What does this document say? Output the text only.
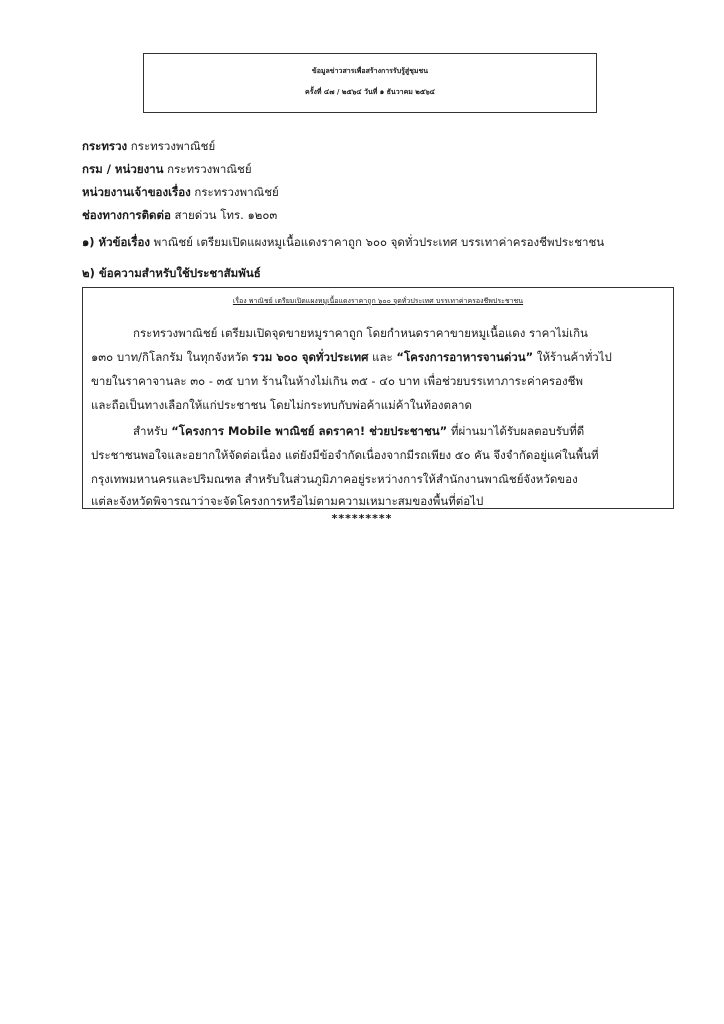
ข้อมูลข่าวสารเพื่อสร้างการรับรู้สู่ชุมชน
ครั้งที่ ๔๗ / ๒๕๖๔ วันที่ ๑ ธันวาคม ๒๕๖๔
กระทรวง กระทรวงพาณิชย์
กรม / หน่วยงาน กระทรวงพาณิชย์
หน่วยงานเจ้าของเรื่อง กระทรวงพาณิชย์
ช่องทางการติดต่อ สายด่วน โทร. ๑๒๐๓
๑) หัวข้อเรื่อง พาณิชย์ เตรียมเปิดแผงหมูเนื้อแดงราคาถูก ๖๐๐ จุดทั่วประเทศ บรรเทาค่าครองชีพประชาชน
๒) ข้อความสำหรับใช้ประชาสัมพันธ์
เรื่อง พาณิชย์ เตรียมเปิดแผงหมูเนื้อแดงราคาถูก ๖๐๐ จุดทั่วประเทศ บรรเทาค่าครองชีพประชาชน
กระทรวงพาณิชย์ เตรียมเปิดจุดขายหมูราคาถูก โดยกำหนดราคาขายหมูเนื้อแดง ราคาไม่เกิน
๑๓๐ บาท/กิโลกรัม ในทุกจังหวัด รวม ๖๐๐ จุดทั่วประเทศ และ “โครงการอาหารจานด่วน” ให้ร้านค้าทั่วไป
ขายในราคาจานละ ๓๐ - ๓๕ บาท ร้านในห้างไม่เกิน ๓๕ - ๔๐ บาท เพื่อช่วยบรรเทาภาระค่าครองชีพ
และถือเป็นทางเลือกให้แก่ประชาชน โดยไม่กระทบกับพ่อค้าแม่ค้าในท้องตลาด
สำหรับ “โครงการ Mobile พาณิชย์ ลดราคา! ช่วยประชาชน” ที่ผ่านมาได้รับผลตอบรับที่ดี
ประชาชนพอใจและอยากให้จัดต่อเนื่อง แต่ยังมีข้อจำกัดเนื่องจากมีรถเพียง ๕๐ คัน จึงจำกัดอยู่แค่ในพื้นที่
กรุงเทพมหานครและปริมณฑล สำหรับในส่วนภูมิภาคอยู่ระหว่างการให้สำนักงานพาณิชย์จังหวัดของ
แต่ละจังหวัดพิจารณาว่าจะจัดโครงการหรือไม่ตามความเหมาะสมของพื้นที่ต่อไป
*********
